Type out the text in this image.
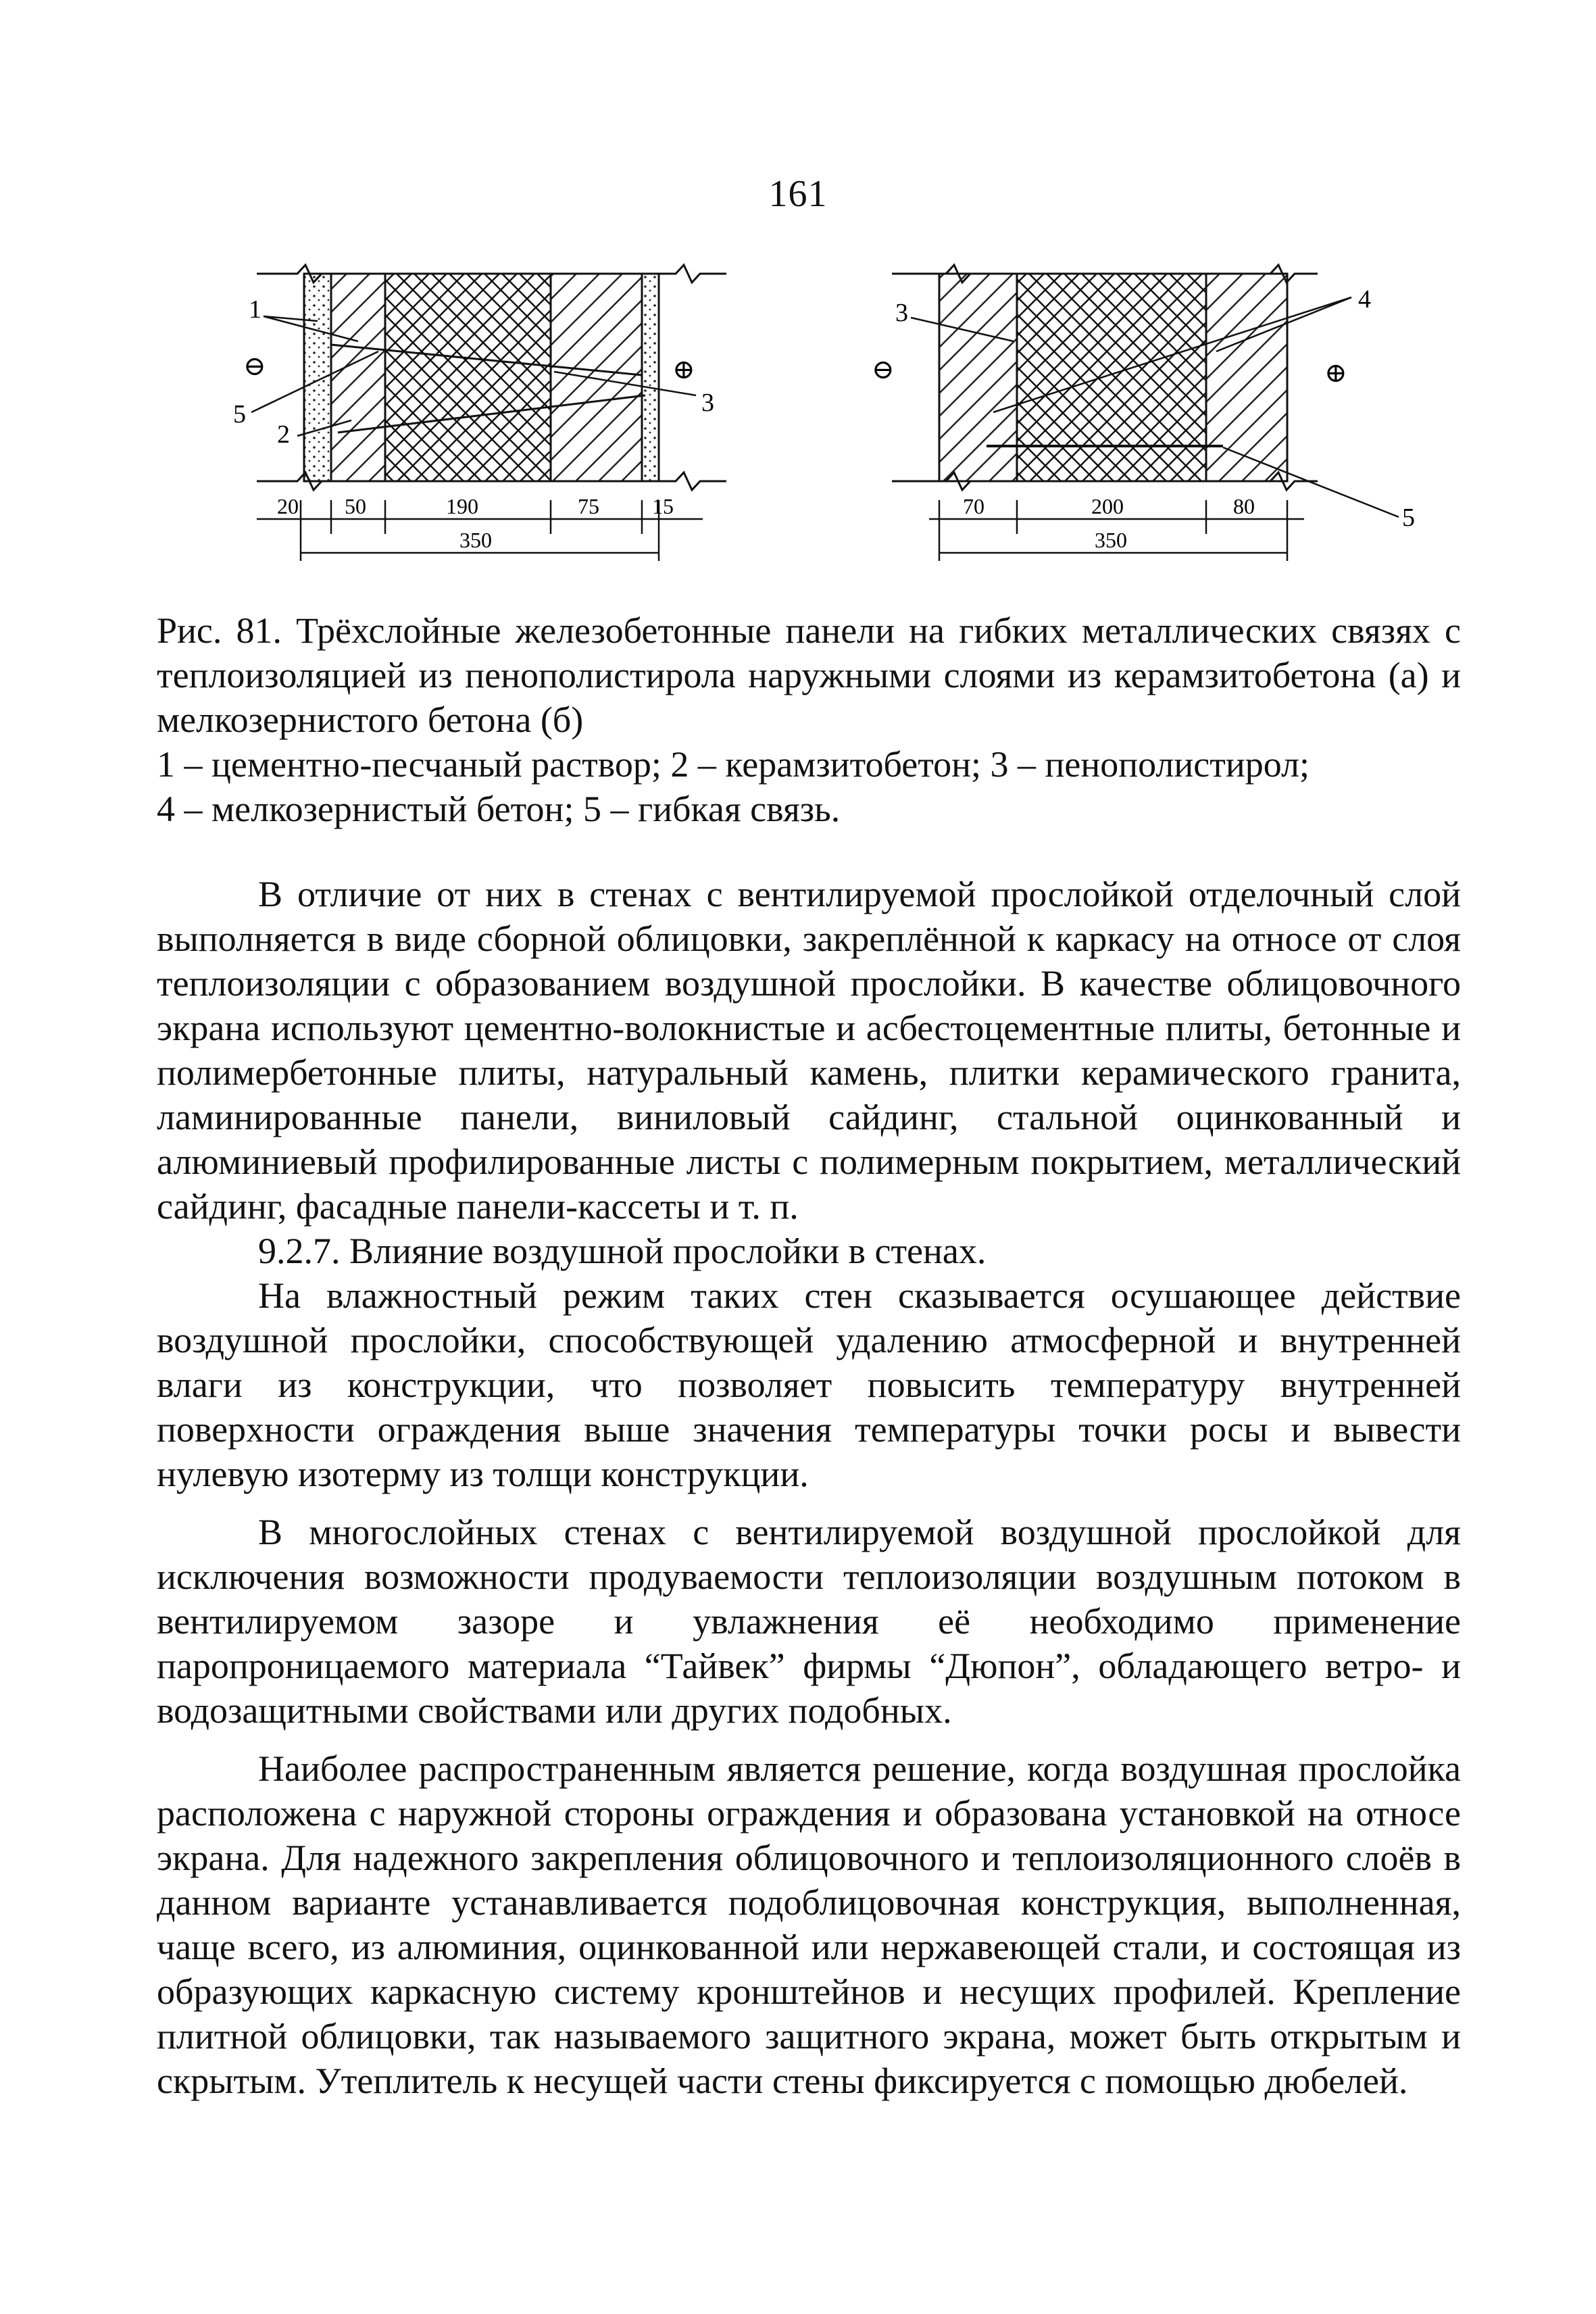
161
1
5
2
3
⊖	⊕
20 50	190	75 15
350
3	4
5
⊖	⊕
70	200	80
350

Рис. 81. Трёхслойные железобетонные панели на гибких металлических связях с теплоизоляцией из пенополистирола наружными слоями из керамзитобетона (а) и мелкозернистого бетона (б)

1 – цементно-песчаный раствор; 2 – керамзитобетон; 3 – пенополистирол;

4 – мелкозернистый бетон; 5 – гибкая связь.

В отличие от них в стенах с вентилируемой прослойкой отделочный слой выполняется в виде сборной облицовки, закреплённой к каркасу на относе от слоя теплоизоляции с образованием воздушной прослойки. В качестве облицовочного экрана используют цементно-волокнистые и асбестоцементные плиты, бетонные и полимербетонные плиты, натуральный камень, плитки керамического гранита, ламинированные панели, виниловый сайдинг, стальной оцинкованный и алюминиевый профилированные листы с полимерным покрытием, металлический сайдинг, фасадные панели-кассеты и т. п.

9.2.7. Влияние воздушной прослойки в стенах.

На влажностный режим таких стен сказывается осушающее действие воздушной прослойки, способствующей удалению атмосферной и внутренней влаги из конструкции, что позволяет повысить температуру внутренней поверхности ограждения выше значения температуры точки росы и вывести нулевую изотерму из толщи конструкции.

В многослойных стенах с вентилируемой воздушной прослойкой для исключения возможности продуваемости теплоизоляции воздушным потоком в вентилируемом зазоре и увлажнения её необходимо применение паропроницаемого материала “Тайвек” фирмы “Дюпон”, обладающего ветро- и водозащитными свойствами или других подобных.

Наиболее распространенным является решение, когда воздушная прослойка расположена с наружной стороны ограждения и образована установкой на относе экрана. Для надежного закрепления облицовочного и теплоизоляционного слоёв в данном варианте устанавливается подоблицовочная конструкция, выполненная, чаще всего, из алюминия, оцинкованной или нержавеющей стали, и состоящая из образующих каркасную систему кронштейнов и несущих профилей. Крепление плитной облицовки, так называемого защитного экрана, может быть открытым и скрытым. Утеплитель к несущей части стены фиксируется с помощью дюбелей.
